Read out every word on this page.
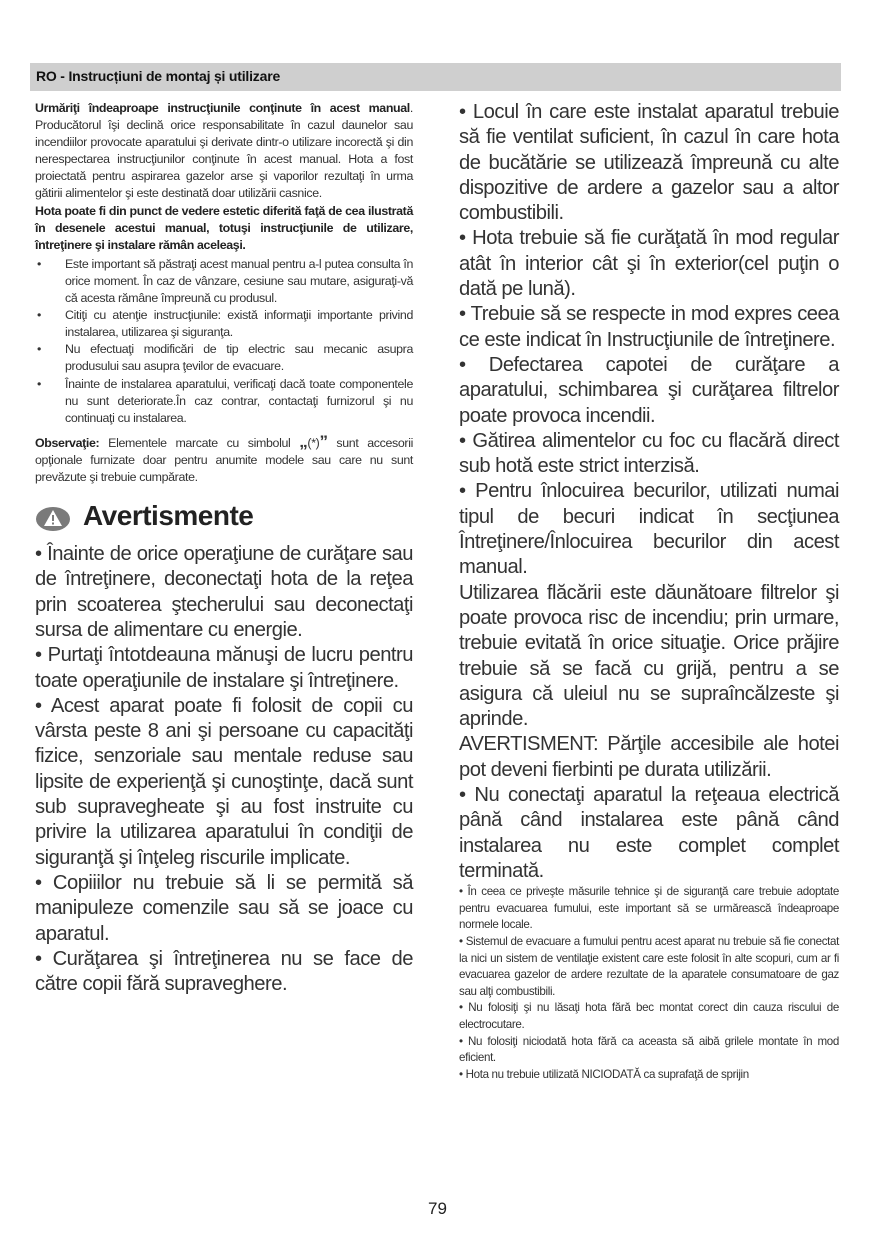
RO - Instrucțiuni de montaj și utilizare

Urmăriţi îndeaproape instrucţiunile conţinute în acest manual. Producătorul îşi declină orice responsabilitate în cazul daunelor sau incendiilor provocate aparatului şi derivate dintr-o utilizare incorectă şi din nerespectarea instrucţiunilor conţinute în acest manual. Hota a fost proiectată pentru aspirarea gazelor arse şi vaporilor rezultaţi în urma gătirii alimentelor şi este destinată doar utilizării casnice.

Hota poate fi din punct de vedere estetic diferită faţă de cea ilustrată în desenele acestui manual, totuşi instrucţiunile de utilizare, întreţinere şi instalare rămân aceleaşi.

• Este important să păstraţi acest manual pentru a-l putea consulta în orice moment. În caz de vânzare, cesiune sau mutare, asiguraţi-vă că acesta rămâne împreună cu produsul.
• Citiţi cu atenţie instrucţiunile: există informaţii importante privind instalarea, utilizarea şi siguranţa.
• Nu efectuaţi modificări de tip electric sau mecanic asupra produsului sau asupra ţevilor de evacuare.
• Înainte de instalarea aparatului, verificaţi dacă toate componentele nu sunt deteriorate.În caz contrar, contactaţi furnizorul şi nu continuaţi cu instalarea.

Observaţie: Elementele marcate cu simbolul „(*)” sunt accesorii opţionale furnizate doar pentru anumite modele sau care nu sunt prevăzute şi trebuie cumpărate.

Avertismente

• Înainte de orice operaţiune de curăţare sau de întreţinere, deconectaţi hota de la reţea prin scoaterea ştecherului sau deconectaţi sursa de alimentare cu energie.

• Purtaţi întotdeauna mănuşi de lucru pentru toate operaţiunile de instalare şi întreţinere.

• Acest aparat poate fi folosit de copii cu vârsta peste 8 ani şi persoane cu capacităţi fizice, senzoriale sau mentale reduse sau lipsite de experienţă şi cunoştinţe, dacă sunt sub supravegheate şi au fost instruite cu privire la utilizarea aparatului în condiţii de siguranţă şi înţeleg riscurile implicate.

• Copiiilor nu trebuie să li se permită să manipuleze comenzile sau să se joace cu aparatul.

• Curăţarea şi întreţinerea nu se face de către copii fără supraveghere.

• Locul în care este instalat aparatul trebuie să fie ventilat suficient, în cazul în care hota de bucătărie se utilizează împreună cu alte dispozitive de ardere a gazelor sau a altor combustibili.

• Hota trebuie să fie curăţată în mod regular atât în interior cât şi în exterior(cel puţin o dată pe lună).

• Trebuie să se respecte in mod expres ceea ce este indicat în Instrucţiunile de întreţinere.

• Defectarea capotei de curăţare a aparatului, schimbarea şi curăţarea filtrelor poate provoca incendii.

• Gătirea alimentelor cu foc cu flacără direct sub hotă este strict interzisă.

• Pentru înlocuirea becurilor, utilizati numai tipul de becuri indicat în secţiunea Întreţinere/Înlocuirea becurilor din acest manual.

Utilizarea flăcării este dăunătoare filtrelor şi poate provoca risc de incendiu; prin urmare, trebuie evitată în orice situaţie. Orice prăjire trebuie să se facă cu grijă, pentru a se asigura că uleiul nu se supraîncălzeste şi aprinde.

AVERTISMENT: Părţile accesibile ale hotei pot deveni fierbinti pe durata utilizării.

• Nu conectaţi aparatul la reţeaua electrică până când instalarea este până când instalarea nu este complet complet terminată.

• În ceea ce priveşte măsurile tehnice şi de siguranţă care trebuie adoptate pentru evacuarea fumului, este important să se urmărească îndeaproape normele locale.

• Sistemul de evacuare a fumului pentru acest aparat nu trebuie să fie conectat la nici un sistem de ventilaţie existent care este folosit în alte scopuri, cum ar fi evacuarea gazelor de ardere rezultate de la aparatele consumatoare de gaz sau alţi combustibili.

• Nu folosiţi şi nu lăsaţi hota fără bec montat corect din cauza riscului de electrocutare.

• Nu folosiţi niciodată hota fără ca aceasta să aibă grilele montate în mod eficient.

• Hota nu trebuie utilizată NICIODATĂ ca suprafaţă de sprijin

79
